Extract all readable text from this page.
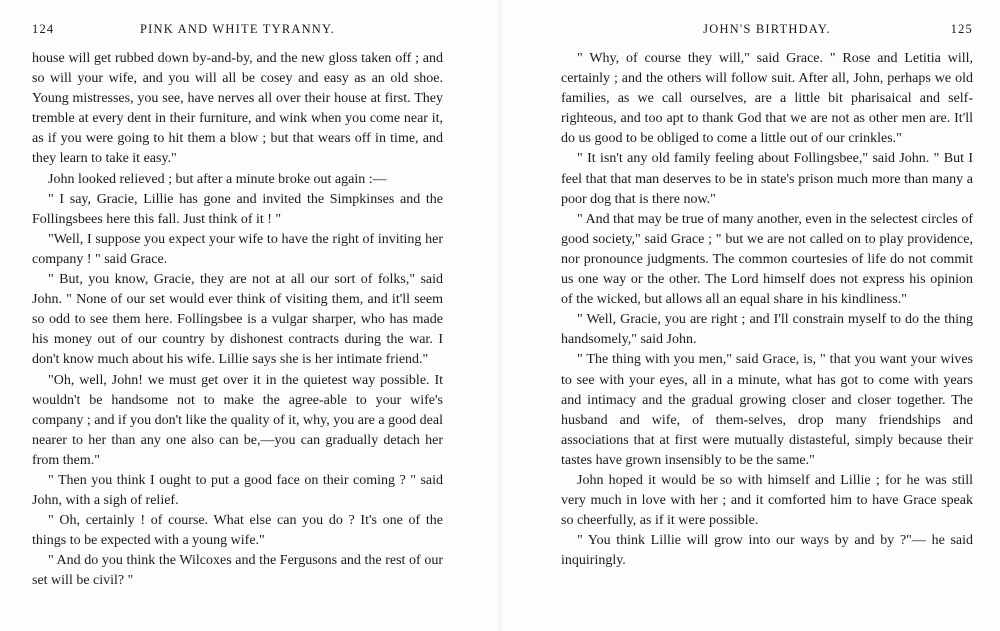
124	PINK AND WHITE TYRANNY.

house will get rubbed down by-and-by, and the new gloss taken off ; and so will your wife, and you will all be cosey and easy as an old shoe. Young mistresses, you see, have nerves all over their house at first. They tremble at every dent in their furniture, and wink when you come near it, as if you were going to hit them a blow ; but that wears off in time, and they learn to take it easy."

John looked relieved ; but after a minute broke out again :—

" I say, Gracie, Lillie has gone and invited the Simpkinses and the Follingsbees here this fall. Just think of it ! "

"Well, I suppose you expect your wife to have the right of inviting her company ! " said Grace.

" But, you know, Gracie, they are not at all our sort of folks," said John. " None of our set would ever think of visiting them, and it'll seem so odd to see them here. Follingsbee is a vulgar sharper, who has made his money out of our country by dishonest contracts during the war. I don't know much about his wife. Lillie says she is her intimate friend."

"Oh, well, John! we must get over it in the quietest way possible. It wouldn't be handsome not to make the agree-able to your wife's company ; and if you don't like the quality of it, why, you are a good deal nearer to her than any one also can be,—you can gradually detach her from them."

" Then you think I ought to put a good face on their coming ? " said John, with a sigh of relief.

" Oh, certainly ! of course. What else can you do ? It's one of the things to be expected with a young wife."

" And do you think the Wilcoxes and the Fergusons and the rest of our set will be civil? "

JOHN'S BIRTHDAY.	125

" Why, of course they will," said Grace. " Rose and Letitia will, certainly ; and the others will follow suit. After all, John, perhaps we old families, as we call ourselves, are a little bit pharisaical and self-righteous, and too apt to thank God that we are not as other men are. It'll do us good to be obliged to come a little out of our crinkles."

" It isn't any old family feeling about Follingsbee," said John. " But I feel that that man deserves to be in state's prison much more than many a poor dog that is there now."

" And that may be true of many another, even in the selectest circles of good society," said Grace ; " but we are not called on to play providence, nor pronounce judgments. The common courtesies of life do not commit us one way or the other. The Lord himself does not express his opinion of the wicked, but allows all an equal share in his kindliness."

" Well, Gracie, you are right ; and I'll constrain myself to do the thing handsomely," said John.

" The thing with you men," said Grace, is, " that you want your wives to see with your eyes, all in a minute, what has got to come with years and intimacy and the gradual growing closer and closer together. The husband and wife, of them-selves, drop many friendships and associations that at first were mutually distasteful, simply because their tastes have grown insensibly to be the same."

John hoped it would be so with himself and Lillie ; for he was still very much in love with her ; and it comforted him to have Grace speak so cheerfully, as if it were possible.

" You think Lillie will grow into our ways by and by ?"— he said inquiringly.
